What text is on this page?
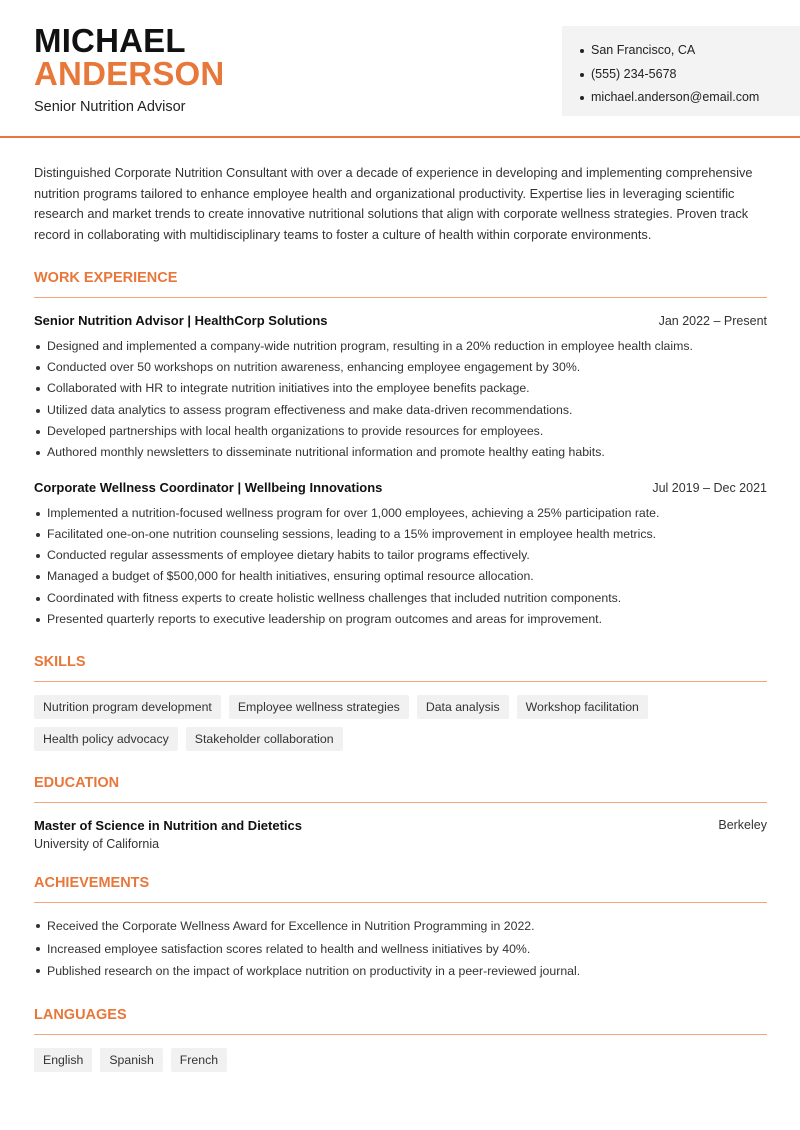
MICHAEL
ANDERSON
Senior Nutrition Advisor
San Francisco, CA
(555) 234-5678
michael.anderson@email.com

Distinguished Corporate Nutrition Consultant with over a decade of experience in developing and implementing comprehensive nutrition programs tailored to enhance employee health and organizational productivity. Expertise lies in leveraging scientific research and market trends to create innovative nutritional solutions that align with corporate wellness strategies. Proven track record in collaborating with multidisciplinary teams to foster a culture of health within corporate environments.

WORK EXPERIENCE
Senior Nutrition Advisor | HealthCorp Solutions	Jan 2022 – Present
Designed and implemented a company-wide nutrition program, resulting in a 20% reduction in employee health claims.
Conducted over 50 workshops on nutrition awareness, enhancing employee engagement by 30%.
Collaborated with HR to integrate nutrition initiatives into the employee benefits package.
Utilized data analytics to assess program effectiveness and make data-driven recommendations.
Developed partnerships with local health organizations to provide resources for employees.
Authored monthly newsletters to disseminate nutritional information and promote healthy eating habits.
Corporate Wellness Coordinator | Wellbeing Innovations	Jul 2019 – Dec 2021
Implemented a nutrition-focused wellness program for over 1,000 employees, achieving a 25% participation rate.
Facilitated one-on-one nutrition counseling sessions, leading to a 15% improvement in employee health metrics.
Conducted regular assessments of employee dietary habits to tailor programs effectively.
Managed a budget of $500,000 for health initiatives, ensuring optimal resource allocation.
Coordinated with fitness experts to create holistic wellness challenges that included nutrition components.
Presented quarterly reports to executive leadership on program outcomes and areas for improvement.
SKILLS
Nutrition program development	Employee wellness strategies	Data analysis	Workshop facilitation
Health policy advocacy	Stakeholder collaboration
EDUCATION
Master of Science in Nutrition and Dietetics	Berkeley
University of California
ACHIEVEMENTS
Received the Corporate Wellness Award for Excellence in Nutrition Programming in 2022.
Increased employee satisfaction scores related to health and wellness initiatives by 40%.
Published research on the impact of workplace nutrition on productivity in a peer-reviewed journal.
LANGUAGES
English	Spanish	French
